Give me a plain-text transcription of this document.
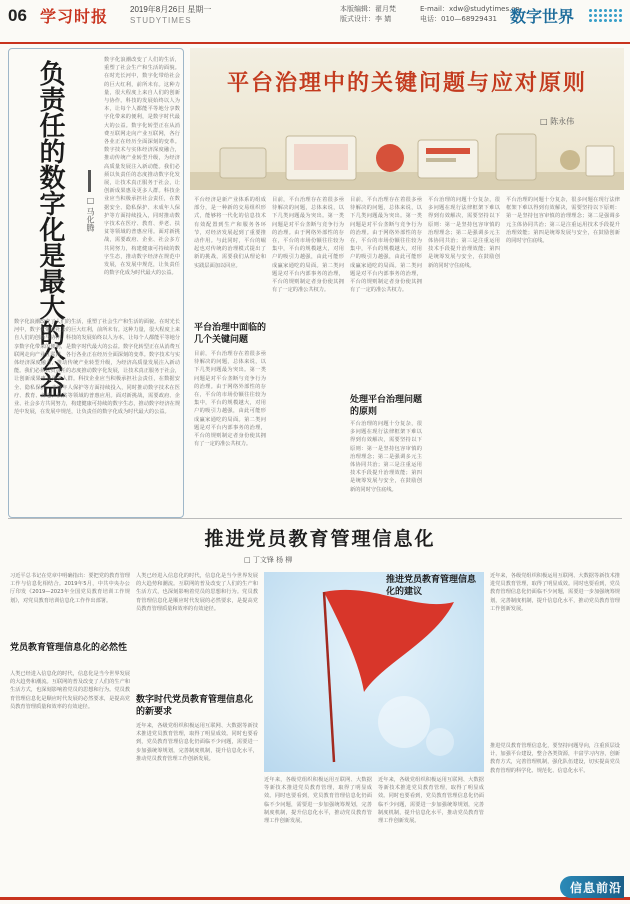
06 学习时报	2019年8月26日 星期一
STUDYTIMES
本版编辑：翟月梵
版式设计：李 婧
E-mail：xdw@studytimes.cn
电话：010—68929431 数字世界
负责任的数字化是最大的公益	□ 马化腾
数字化浪潮改变了人们的生活，重塑了社会生产和生活的面貌。在时光长河中，数字化带给社会的巨大红利，前所未有。这种力量，很大程度上来自人们的创新与协作。科技的发展始终以人为本，让每个人都能平等地分享数字化带来的便利，是数字时代最大的公益。数字化转型正在从消费互联网走向产业互联网，各行各业正在经历全面深刻的变革。数字技术与实体经济深度融合，推动传统产业转型升级，为经济高质量发展注入新动能。我们必须以负责任的态度推动数字化发展，让技术真正服务于社会，让创新成果惠及更多人群。科技企业应当积极承担社会责任，在数据安全、隐私保护、未成年人保护等方面持续投入，同时推动数字技术在医疗、教育、养老、扶贫等领域的普惠应用。面对新挑战，需要政府、企业、社会多方共同努力，构建健康可持续的数字生态，推动数字经济在规范中发展，在发展中规范，让负责任的数字化成为时代最大的公益。
数字化浪潮改变了人们的生活，重塑了社会生产和生活的面貌。在时光长河中，数字化带给社会的巨大红利，前所未有。这种力量，很大程度上来自人们的创新与协作。科技的发展始终以人为本，让每个人都能平等地分享数字化带来的便利，是数字时代最大的公益。数字化转型正在从消费互联网走向产业互联网，各行各业正在经历全面深刻的变革。数字技术与实体经济深度融合，推动传统产业转型升级，为经济高质量发展注入新动能。我们必须以负责任的态度推动数字化发展，让技术真正服务于社会，让创新成果惠及更多人群。科技企业应当积极承担社会责任，在数据安全、隐私保护、未成年人保护等方面持续投入，同时推动数字技术在医疗、教育、养老、扶贫等领域的普惠应用。面对新挑战，需要政府、企业、社会多方共同努力，构建健康可持续的数字生态，推动数字经济在规范中发展，在发展中规范，让负责任的数字化成为时代最大的公益。
平台治理中的关键问题与应对原则
□ 陈永伟
平台经济是新产业体系的组成部分，是一种新的交易组织形式，能够将一代化的信息技术有效配置到生产和服务各环节，对经济发展起到了重要推动作用。与此同时，平台的崛起也对传统的治理模式提出了新的挑战，需要我们从理论和实践层面加以回应。
平台治理中面临的几个关键问题
目前，平台治理存在着很多亟待解决的问题，总体来说，以下几类问题最为突出。第一类问题是对平台垄断与竞争行为的治理。由于网络外部性的存在，平台的市场份额往往较为集中，平台的规模越大，对用户的吸引力越强，由此可能形成赢家通吃的局面。第二类问题是对平台内部事务的治理，平台的规则制定者身份使其拥有了一定的准公共权力。
目前，平台治理存在着很多亟待解决的问题，总体来说，以下几类问题最为突出。第一类问题是对平台垄断与竞争行为的治理。由于网络外部性的存在，平台的市场份额往往较为集中，平台的规模越大，对用户的吸引力越强，由此可能形成赢家通吃的局面。第二类问题是对平台内部事务的治理，平台的规则制定者身份使其拥有了一定的准公共权力。
目前，平台治理存在着很多亟待解决的问题，总体来说，以下几类问题最为突出。第一类问题是对平台垄断与竞争行为的治理。由于网络外部性的存在，平台的市场份额往往较为集中，平台的规模越大，对用户的吸引力越强，由此可能形成赢家通吃的局面。第二类问题是对平台内部事务的治理，平台的规则制定者身份使其拥有了一定的准公共权力。
处理平台治理问题的原则
平台治理的问题十分复杂，很多问题在现行法律框架下难以得到有效解决，需要坚持以下原则：第一是坚持包容审慎的治理理念；第二是强调多元主体协同共治；第三是注重运用技术手段提升治理效能；第四是统筹发展与安全，在鼓励创新的同时守住底线。
平台治理的问题十分复杂，很多问题在现行法律框架下难以得到有效解决，需要坚持以下原则：第一是坚持包容审慎的治理理念；第二是强调多元主体协同共治；第三是注重运用技术手段提升治理效能；第四是统筹发展与安全，在鼓励创新的同时守住底线。
平台治理的问题十分复杂，很多问题在现行法律框架下难以得到有效解决，需要坚持以下原则：第一是坚持包容审慎的治理理念；第二是强调多元主体协同共治；第三是注重运用技术手段提升治理效能；第四是统筹发展与安全，在鼓励创新的同时守住底线。
推进党员教育管理信息化
□ 丁文锋 杨 柳
习近平总书记在党章中明确指出：要把党的教育管理工作与信息化相结合。2019年5月，中共中央办公厅印发《2019—2023年全国党员教育培训工作规划》，对党员教育培训信息化工作作出部署。
党员教育管理信息化的必然性
人类已经进入信息化的时代，信息化是当今世界发展的大趋势和潮流。互联网的普及改变了人们的生产和生活方式，也深刻影响着党员的思想和行为。党员教育管理信息化是顺应时代发展的必然要求，是提高党员教育管理质量和效率的有效途径。
人类已经进入信息化的时代，信息化是当今世界发展的大趋势和潮流。互联网的普及改变了人们的生产和生活方式，也深刻影响着党员的思想和行为。党员教育管理信息化是顺应时代发展的必然要求，是提高党员教育管理质量和效率的有效途径。
数字时代党员教育管理信息化的新要求
近年来，各级党组织积极运用互联网、大数据等新技术推进党员教育管理，取得了明显成效。同时也要看到，党员教育管理信息化仍面临不少问题，需要进一步加强统筹规划，完善制度机制，提升信息化水平，推动党员教育管理工作创新发展。
近年来，各级党组织积极运用互联网、大数据等新技术推进党员教育管理，取得了明显成效。同时也要看到，党员教育管理信息化仍面临不少问题，需要进一步加强统筹规划，完善制度机制，提升信息化水平，推动党员教育管理工作创新发展。
近年来，各级党组织积极运用互联网、大数据等新技术推进党员教育管理，取得了明显成效。同时也要看到，党员教育管理信息化仍面临不少问题，需要进一步加强统筹规划，完善制度机制，提升信息化水平，推动党员教育管理工作创新发展。
近年来，各级党组织积极运用互联网、大数据等新技术推进党员教育管理，取得了明显成效。同时也要看到，党员教育管理信息化仍面临不少问题，需要进一步加强统筹规划，完善制度机制，提升信息化水平，推动党员教育管理工作创新发展。
推进党员教育管理信息化的建议
推进党员教育管理信息化，要坚持问题导向，注重顶层设计，加强平台建设，整合各类资源，丰富学习内容，创新教育方式，完善管理机制，强化队伍建设，切实提高党员教育管理的科学化、规范化、信息化水平。
信息前沿
